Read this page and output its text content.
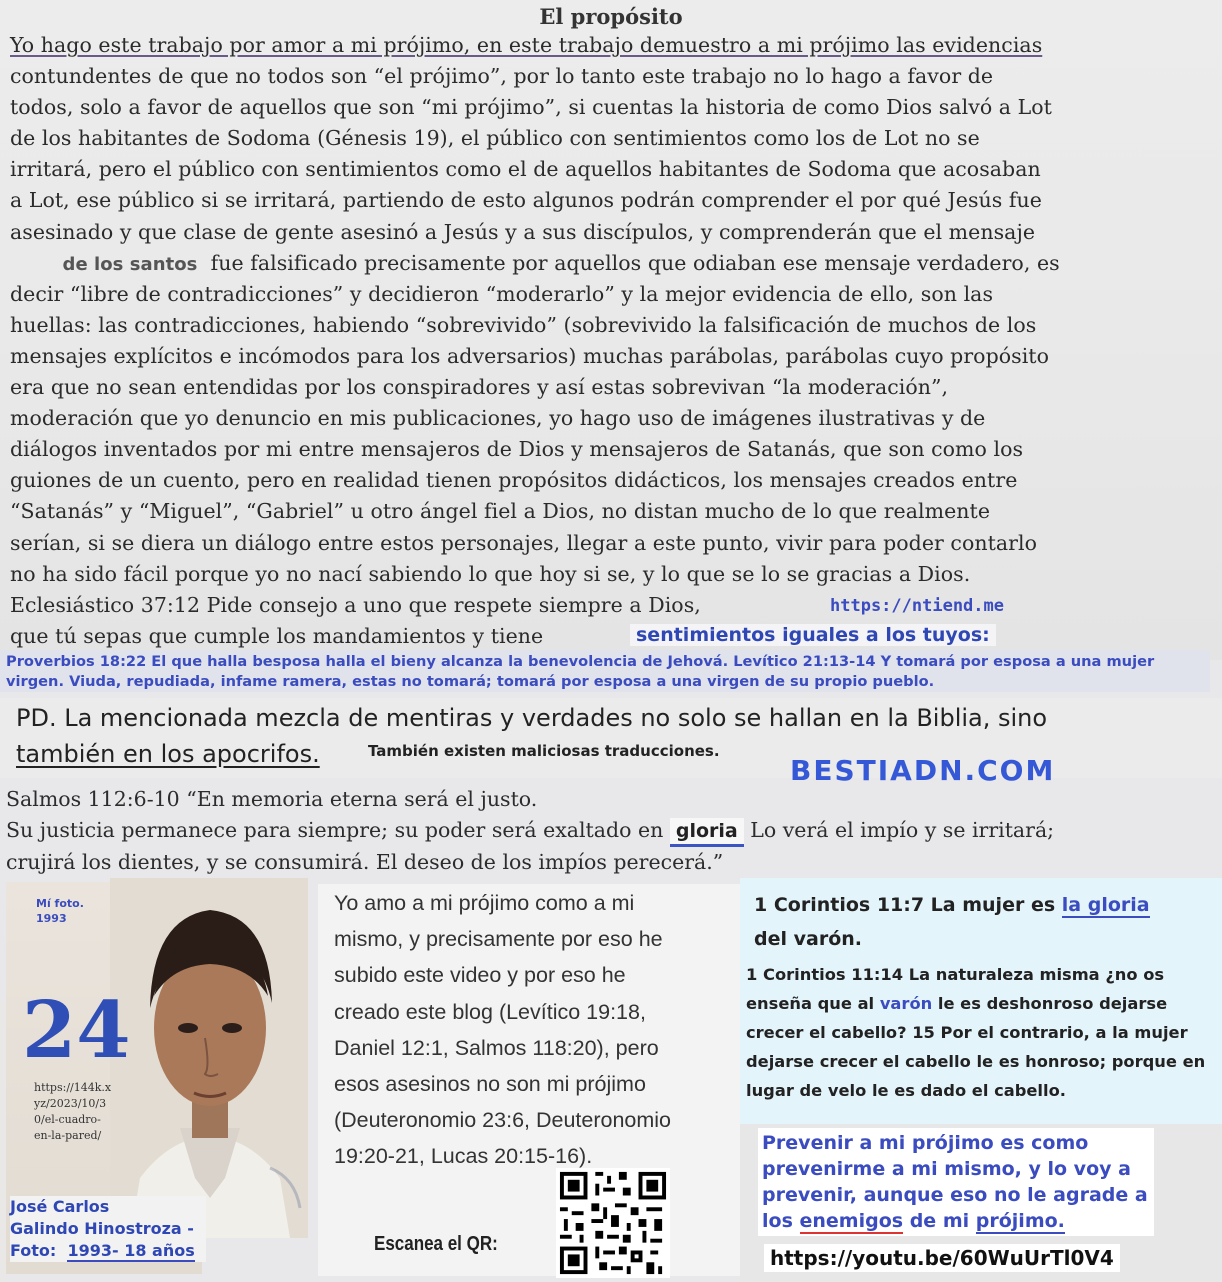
El propósito
Yo hago este trabajo por amor a mi prójimo, en este trabajo demuestro a mi prójimo las evidencias
contundentes de que no todos son “el prójimo”, por lo tanto este trabajo no lo hago a favor de
todos, solo a favor de aquellos que son “mi prójimo”, si cuentas la historia de como Dios salvó a Lot
de los habitantes de Sodoma (Génesis 19), el público con sentimientos como los de Lot no se
irritará, pero el público con sentimientos como el de aquellos habitantes de Sodoma que acosaban
a Lot, ese público si se irritará, partiendo de esto algunos podrán comprender el por qué Jesús fue
asesinado y que clase de gente asesinó a Jesús y a sus discípulos, y comprenderán que el mensaje
de los santos fue falsificado precisamente por aquellos que odiaban ese mensaje verdadero, es
decir “libre de contradicciones” y decidieron “moderarlo” y la mejor evidencia de ello, son las
huellas: las contradicciones, habiendo “sobrevivido” (sobrevivido la falsificación de muchos de los
mensajes explícitos e incómodos para los adversarios) muchas parábolas, parábolas cuyo propósito
era que no sean entendidas por los conspiradores y así estas sobrevivan “la moderación”,
moderación que yo denuncio en mis publicaciones, yo hago uso de imágenes ilustrativas y de
diálogos inventados por mi entre mensajeros de Dios y mensajeros de Satanás, que son como los
guiones de un cuento, pero en realidad tienen propósitos didácticos, los mensajes creados entre
“Satanás” y “Miguel”, “Gabriel” u otro ángel fiel a Dios, no distan mucho de lo que realmente
serían, si se diera un diálogo entre estos personajes, llegar a este punto, vivir para poder contarlo
no ha sido fácil porque yo no nací sabiendo lo que hoy si se, y lo que se lo se gracias a Dios.
Eclesiástico 37:12 Pide consejo a uno que respete siempre a Dios,
que tú sepas que cumple los mandamientos y tiene
https://ntiend.me
sentimientos iguales a los tuyos:
Proverbios 18:22 El que halla besposa halla el bieny alcanza la benevolencia de Jehová. Levítico 21:13-14 Y tomará por esposa a una mujer virgen. Viuda, repudiada, infame ramera, estas no tomará; tomará por esposa a una virgen de su propio pueblo.
PD. La mencionada mezcla de mentiras y verdades no solo se hallan en la Biblia, sino
también en los apocrifos.	También existen maliciosas traducciones.
BESTIADN.COM
Salmos 112:6-10 “En memoria eterna será el justo.
Su justicia permanece para siempre; su poder será exaltado en gloria Lo verá el impío y se irritará;
crujirá los dientes, y se consumirá. El deseo de los impíos perecerá.”
Mí foto.
1993
24
https://144k.x
yz/2023/10/3
0/el-cuadro-
en-la-pared/
José Carlos
Galindo Hinostroza -
Foto: 1993- 18 años
Yo amo a mi prójimo como a mi mismo, y precisamente por eso he subido este video y por eso he creado este blog (Levítico 19:18, Daniel 12:1, Salmos 118:20), pero esos asesinos no son mi prójimo (Deuteronomio 23:6, Deuteronomio 19:20-21, Lucas 20:15-16).
Escanea el QR:
1 Corintios 11:7 La mujer es la gloria
del varón.
1 Corintios 11:14 La naturaleza misma ¿no os enseña que al varón le es deshonroso dejarse crecer el cabello? 15 Por el contrario, a la mujer dejarse crecer el cabello le es honroso; porque en lugar de velo le es dado el cabello.
Prevenir a mi prójimo es como prevenirme a mi mismo, y lo voy a prevenir, aunque eso no le agrade a los enemigos de mi prójimo.
https://youtu.be/60WuUrTl0V4
